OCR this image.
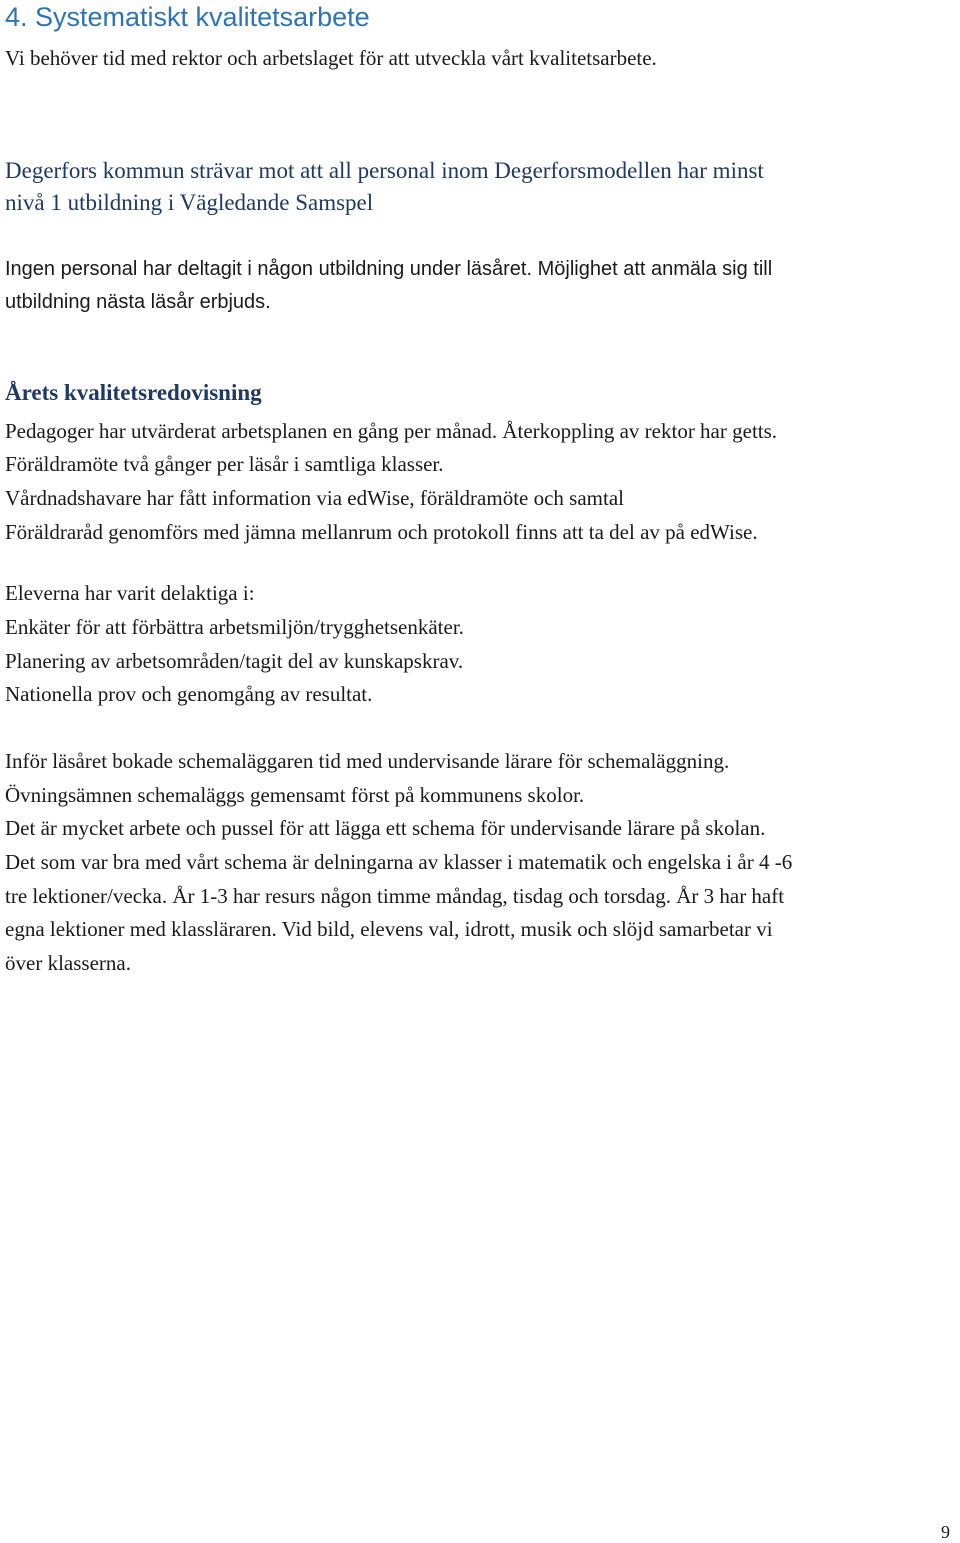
4. Systematiskt kvalitetsarbete
Vi behöver tid med rektor och arbetslaget för att utveckla vårt kvalitetsarbete.
Degerfors kommun strävar mot att all personal inom Degerforsmodellen har minst
nivå 1 utbildning i Vägledande Samspel
Ingen personal har deltagit i någon utbildning under läsåret. Möjlighet att anmäla sig till
utbildning nästa läsår erbjuds.
Årets kvalitetsredovisning
Pedagoger har utvärderat arbetsplanen en gång per månad. Återkoppling av rektor har getts.
Föräldramöte två gånger per läsår i samtliga klasser.
Vårdnadshavare har fått information via edWise, föräldramöte och samtal
Föräldraråd genomförs med jämna mellanrum och protokoll finns att ta del av på edWise.
Eleverna har varit delaktiga i:
Enkäter för att förbättra arbetsmiljön/trygghetsenkäter.
Planering av arbetsområden/tagit del av kunskapskrav.
Nationella prov och genomgång av resultat.
Inför läsåret bokade schemaläggaren tid med undervisande lärare för schemaläggning.
Övningsämnen schemaläggs gemensamt först på kommunens skolor.
Det är mycket arbete och pussel för att lägga ett schema för undervisande lärare på skolan.
Det som var bra med vårt schema är delningarna av klasser i matematik och engelska i år 4 -6
tre lektioner/vecka. År 1-3 har resurs någon timme måndag, tisdag och torsdag. År 3 har haft
egna lektioner med klassläraren. Vid bild, elevens val, idrott, musik och slöjd samarbetar vi
över klasserna.
9
